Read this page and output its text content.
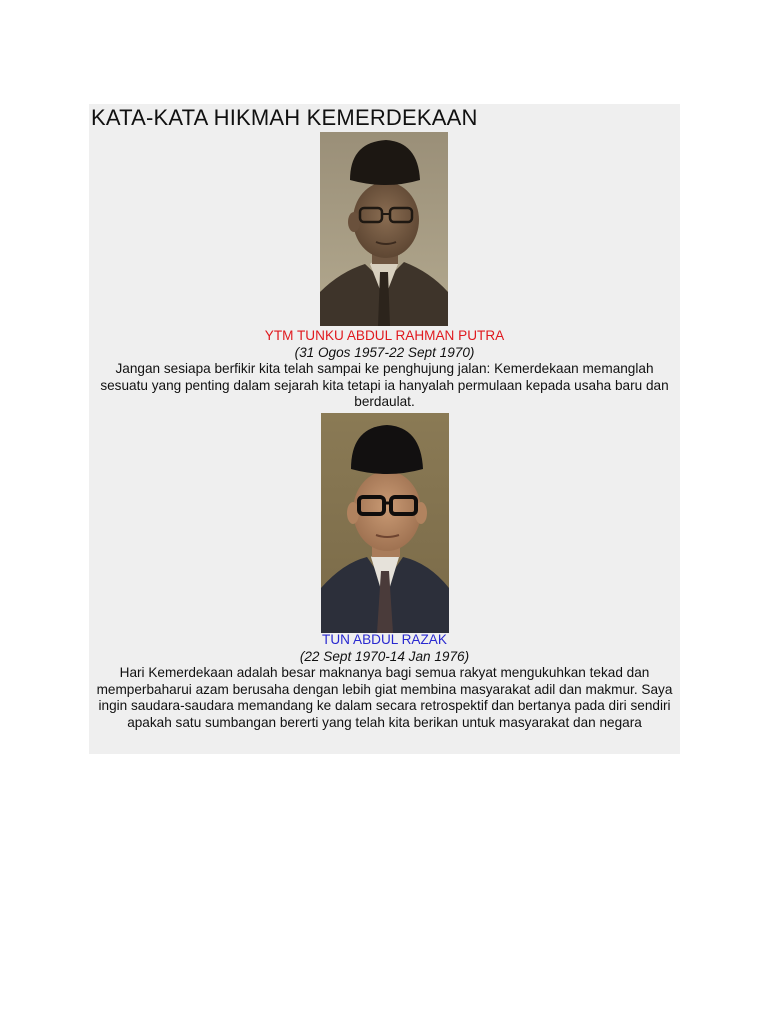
KATA-KATA HIKMAH KEMERDEKAAN
YTM TUNKU ABDUL RAHMAN PUTRA
(31 Ogos 1957-22 Sept 1970)
Jangan sesiapa berfikir kita telah sampai ke penghujung jalan: Kemerdekaan memanglah sesuatu yang penting dalam sejarah kita tetapi ia hanyalah permulaan kepada usaha baru dan berdaulat.
TUN ABDUL RAZAK
(22 Sept 1970-14 Jan 1976)
Hari Kemerdekaan adalah besar maknanya bagi semua rakyat mengukuhkan tekad dan memperbaharui azam berusaha dengan lebih giat membina masyarakat adil dan makmur. Saya ingin saudara-saudara memandang ke dalam secara retrospektif dan bertanya pada diri sendiri apakah satu sumbangan bererti yang telah kita berikan untuk masyarakat dan negara
